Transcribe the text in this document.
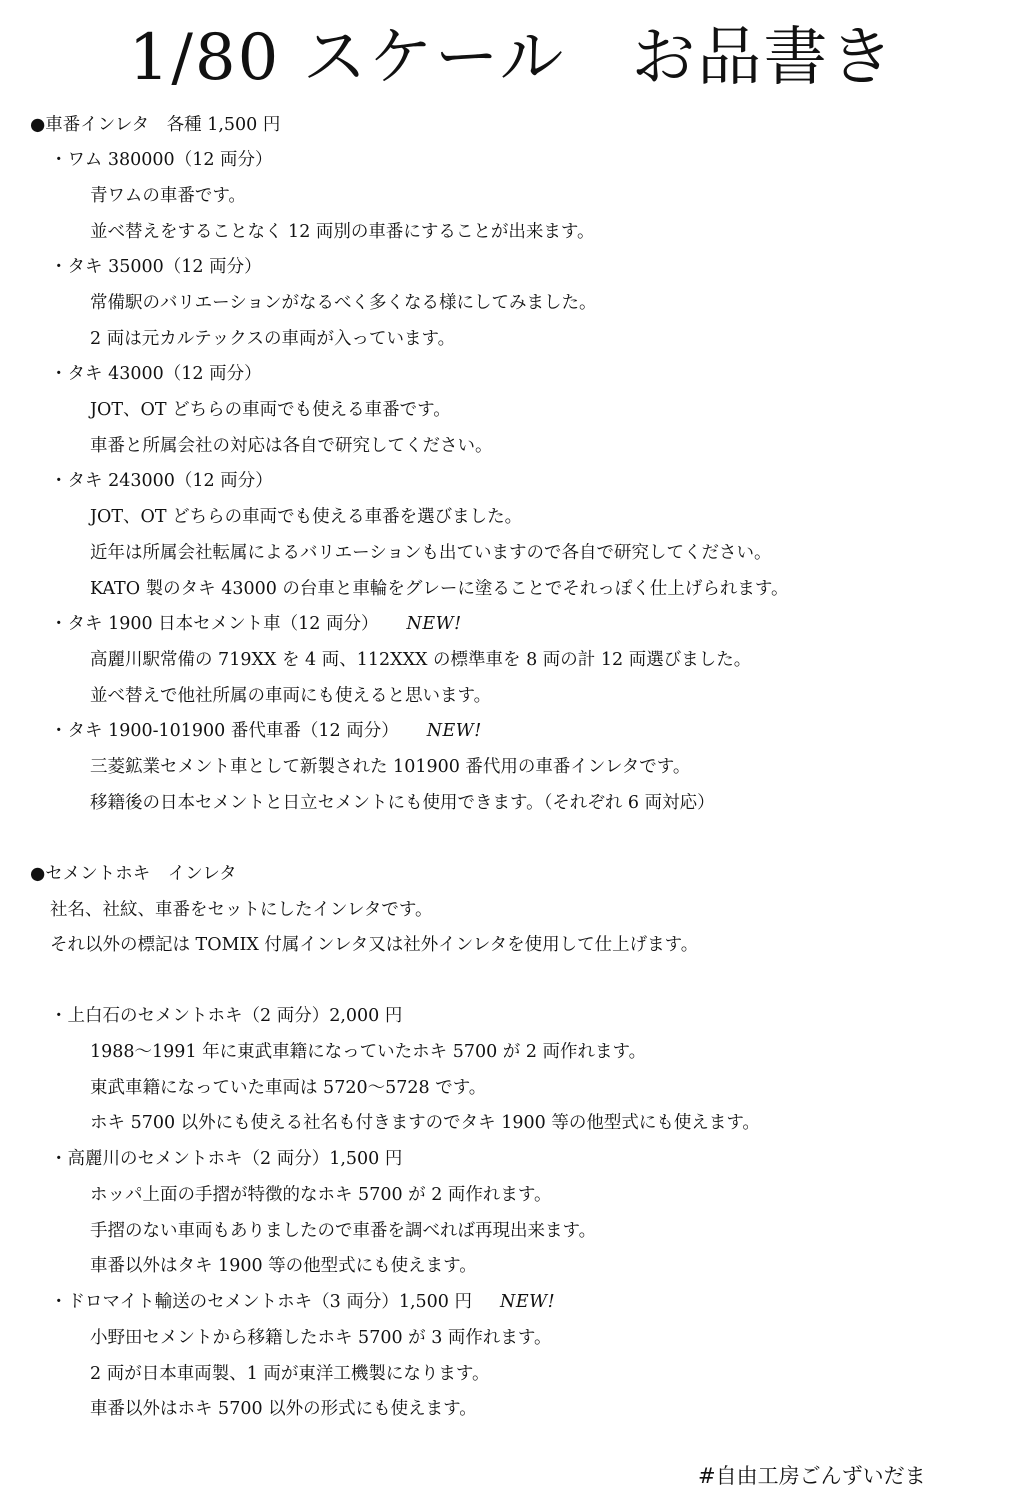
1/80 スケール　お品書き
●車番インレタ　各種 1,500 円
・ワム 380000（12 両分）
青ワムの車番です。
並べ替えをすることなく 12 両別の車番にすることが出来ます。
・タキ 35000（12 両分）
常備駅のバリエーションがなるべく多くなる様にしてみました。
2 両は元カルテックスの車両が入っています。
・タキ 43000（12 両分）
JOT、OT どちらの車両でも使える車番です。
車番と所属会社の対応は各自で研究してください。
・タキ 243000（12 両分）
JOT、OT どちらの車両でも使える車番を選びました。
近年は所属会社転属によるバリエーションも出ていますので各自で研究してください。
KATO 製のタキ 43000 の台車と車輪をグレーに塗ることでそれっぽく仕上げられます。
・タキ 1900 日本セメント車（12 両分） NEW!
高麗川駅常備の 719XX を 4 両、112XXX の標準車を 8 両の計 12 両選びました。
並べ替えで他社所属の車両にも使えると思います。
・タキ 1900-101900 番代車番（12 両分） NEW!
三菱鉱業セメント車として新製された 101900 番代用の車番インレタです。
移籍後の日本セメントと日立セメントにも使用できます。（それぞれ 6 両対応）
●セメントホキ　インレタ
社名、社紋、車番をセットにしたインレタです。
それ以外の標記は TOMIX 付属インレタ又は社外インレタを使用して仕上げます。
・上白石のセメントホキ（2 両分）2,000 円
1988～1991 年に東武車籍になっていたホキ 5700 が 2 両作れます。
東武車籍になっていた車両は 5720～5728 です。
ホキ 5700 以外にも使える社名も付きますのでタキ 1900 等の他型式にも使えます。
・高麗川のセメントホキ（2 両分）1,500 円
ホッパ上面の手摺が特徴的なホキ 5700 が 2 両作れます。
手摺のない車両もありましたので車番を調べれば再現出来ます。
車番以外はタキ 1900 等の他型式にも使えます。
・ドロマイト輸送のセメントホキ（3 両分）1,500 円 NEW!
小野田セメントから移籍したホキ 5700 が 3 両作れます。
2 両が日本車両製、1 両が東洋工機製になります。
車番以外はホキ 5700 以外の形式にも使えます。
#自由工房ごんずいだま
